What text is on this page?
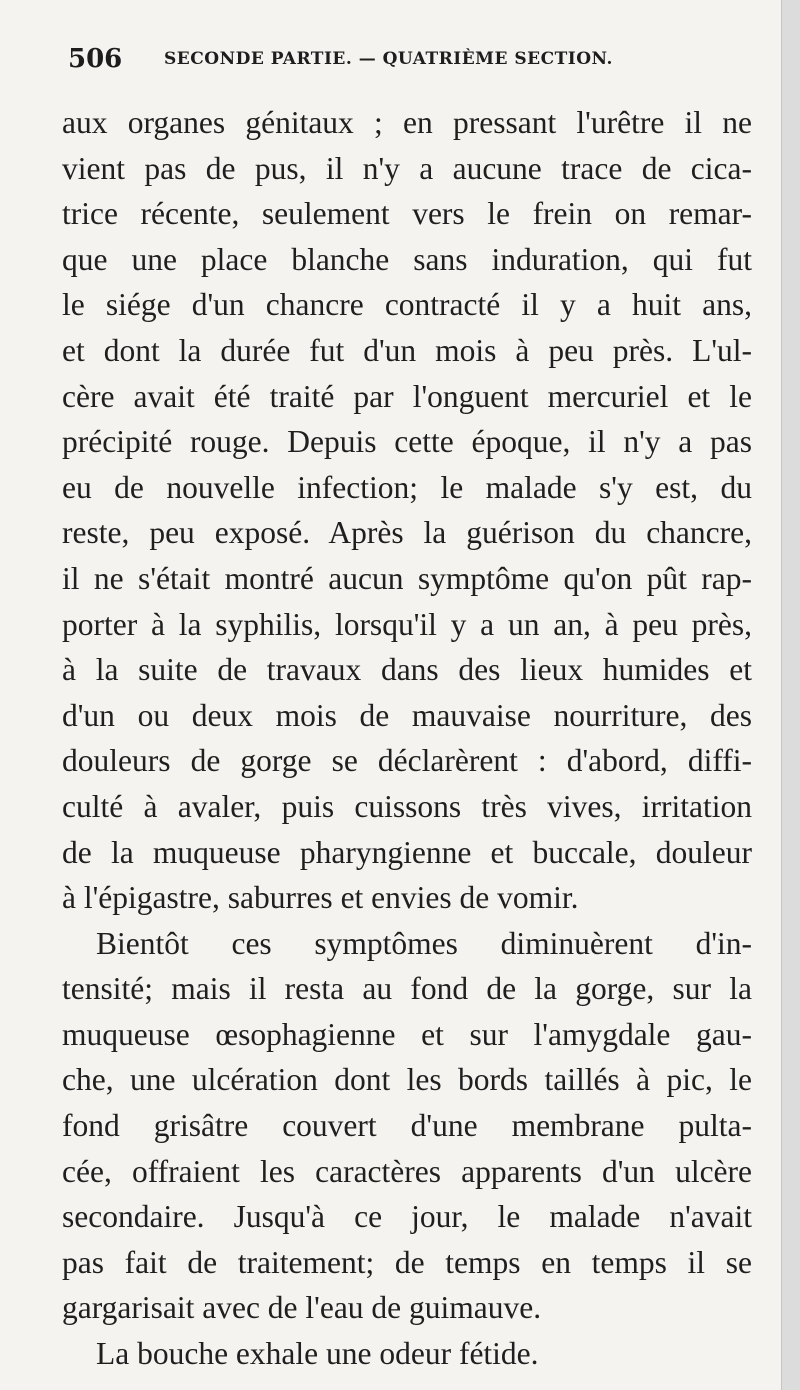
506 SECONDE PARTIE. — QUATRIÈME SECTION.
aux organes génitaux ; en pressant l'urêtre il ne
vient pas de pus, il n'y a aucune trace de cica-
trice récente, seulement vers le frein on remar-
que une place blanche sans induration, qui fut
le siége d'un chancre contracté il y a huit ans,
et dont la durée fut d'un mois à peu près. L'ul-
cère avait été traité par l'onguent mercuriel et le
précipité rouge. Depuis cette époque, il n'y a pas
eu de nouvelle infection; le malade s'y est, du
reste, peu exposé. Après la guérison du chancre,
il ne s'était montré aucun symptôme qu'on pût rap-
porter à la syphilis, lorsqu'il y a un an, à peu près,
à la suite de travaux dans des lieux humides et
d'un ou deux mois de mauvaise nourriture, des
douleurs de gorge se déclarèrent : d'abord, diffi-
culté à avaler, puis cuissons très vives, irritation
de la muqueuse pharyngienne et buccale, douleur
à l'épigastre, saburres et envies de vomir.
Bientôt ces symptômes diminuèrent d'in-
tensité; mais il resta au fond de la gorge, sur la
muqueuse œsophagienne et sur l'amygdale gau-
che, une ulcération dont les bords taillés à pic, le
fond grisâtre couvert d'une membrane pulta-
cée, offraient les caractères apparents d'un ulcère
secondaire. Jusqu'à ce jour, le malade n'avait
pas fait de traitement; de temps en temps il se
gargarisait avec de l'eau de guimauve.
La bouche exhale une odeur fétide.
